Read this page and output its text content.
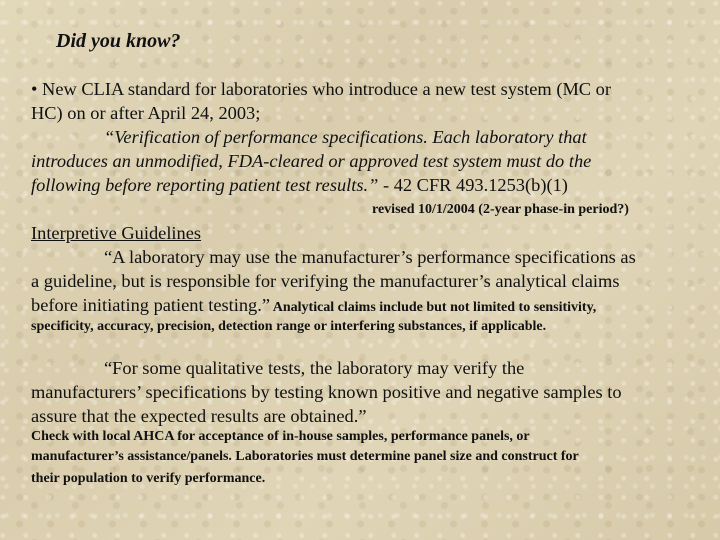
Did you know?

• New CLIA standard for laboratories who introduce a new test system (MC or

HC) on or after April 24, 2003;

“Verification of performance specifications. Each laboratory that

introduces an unmodified, FDA-cleared or approved test system must do the

following before reporting patient test results.” - 42 CFR 493.1253(b)(1)

revised 10/1/2004 (2-year phase-in period?)

Interpretive Guidelines

“A laboratory may use the manufacturer’s performance specifications as

a guideline, but is responsible for verifying the manufacturer’s analytical claims

before initiating patient testing.” Analytical claims include but not limited to sensitivity,

specificity, accuracy, precision, detection range or interfering substances, if applicable.

“For some qualitative tests, the laboratory may verify the

manufacturers’ specifications by testing known positive and negative samples to

assure that the expected results are obtained.”

Check with local AHCA for acceptance of in-house samples, performance panels, or

manufacturer’s assistance/panels. Laboratories must determine panel size and construct for

their population to verify performance.
